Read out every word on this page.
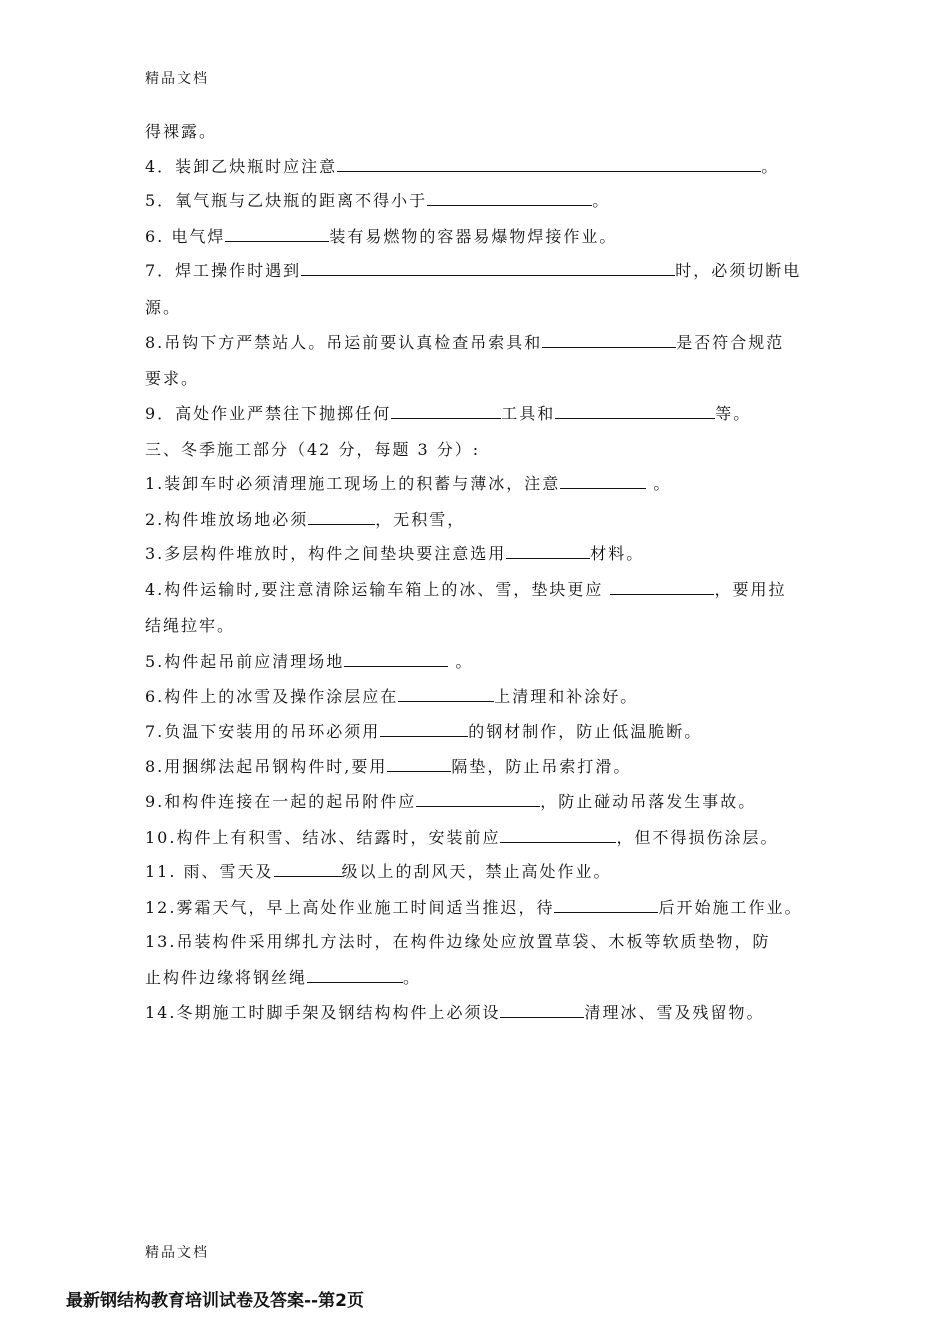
精品文档
得裸露。
4．装卸乙炔瓶时应注意	。
5．氧气瓶与乙炔瓶的距离不得小于	。
6. 电气焊	装有易燃物的容器易爆物焊接作业。
7．焊工操作时遇到	时，必须切断电
源。
8.吊钩下方严禁站人。吊运前要认真检查吊索具和	是否符合规范
要求。
9．高处作业严禁往下抛掷任何	工具和	等。
三、冬季施工部分（42 分，每题 3 分）:
1.装卸车时必须清理施工现场上的积蓄与薄冰，注意	。
2.构件堆放场地必须	，无积雪，
3.多层构件堆放时，构件之间垫块要注意选用	材料。
4.构件运输时,要注意清除运输车箱上的冰、雪，垫块更应	，要用拉
结绳拉牢。
5.构件起吊前应清理场地	。
6.构件上的冰雪及操作涂层应在	上清理和补涂好。
7.负温下安装用的吊环必须用	的钢材制作，防止低温脆断。
8.用捆绑法起吊钢构件时,要用	隔垫，防止吊索打滑。
9.和构件连接在一起的起吊附件应	，防止碰动吊落发生事故。
10.构件上有积雪、结冰、结露时，安装前应	，但不得损伤涂层。
11. 雨、雪天及	级以上的刮风天，禁止高处作业。
12.雾霜天气，早上高处作业施工时间适当推迟，待	后开始施工作业。
13.吊装构件采用绑扎方法时，在构件边缘处应放置草袋、木板等软质垫物，防
止构件边缘将钢丝绳	。
14.冬期施工时脚手架及钢结构构件上必须设	清理冰、雪及残留物。
精品文档
最新钢结构教育培训试卷及答案--第2页
